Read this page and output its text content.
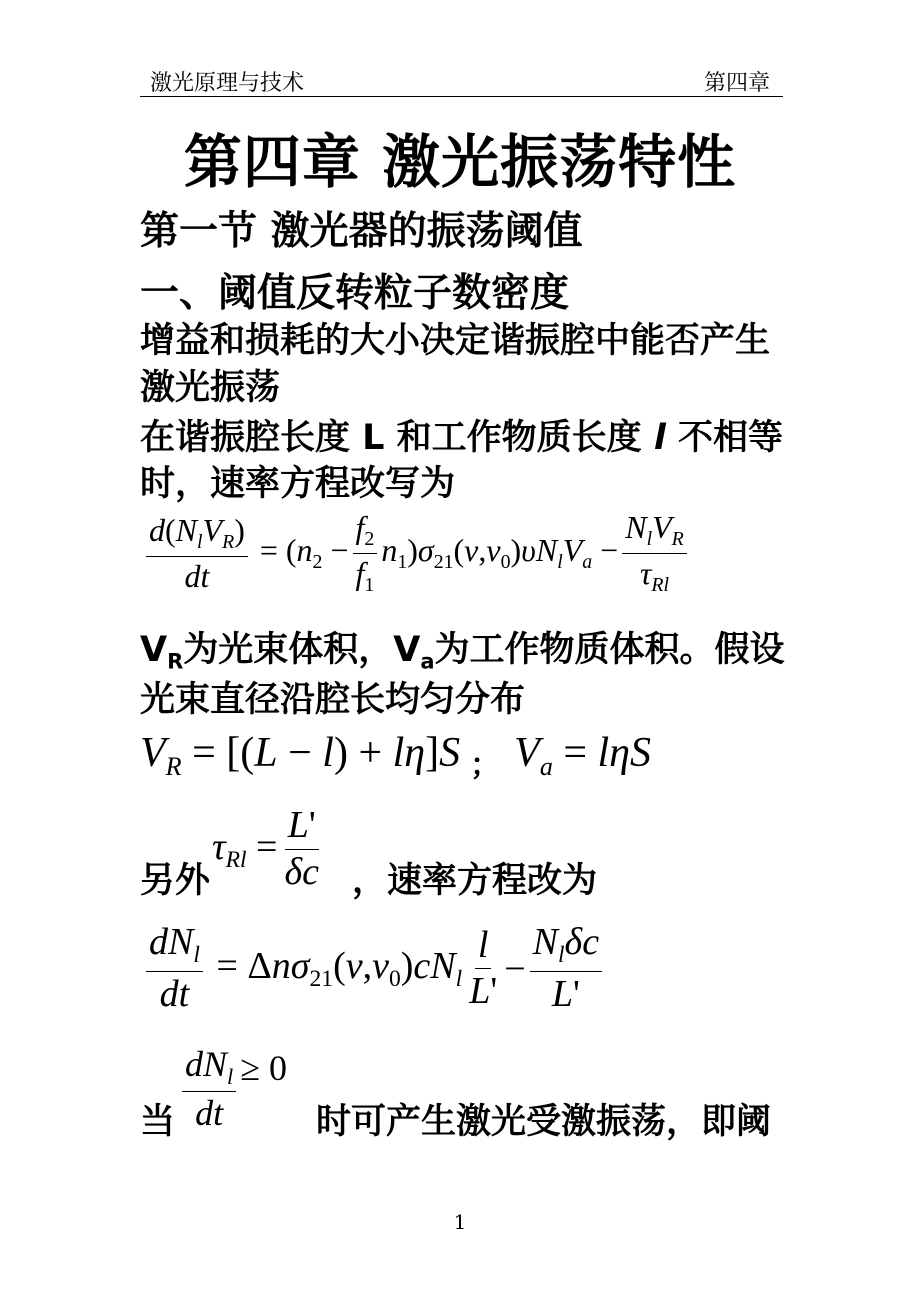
激光原理与技术	第四章
第四章 激光振荡特性
第一节 激光器的振荡阈值
一、阈值反转粒子数密度
增益和损耗的大小决定谐振腔中能否产生
激光振荡
在谐振腔长度 L 和工作物质长度 l 不相等
时，速率方程改写为
$\frac{d(N_lV_R)}{dt} = (n_2 - \frac{f_2}{f_1} n_1)\sigma_{21}(v,v_0)\upsilon N_lV_a - \frac{N_lV_R}{\tau_{Rl}}$
$V_R$为光束体积，$V_a$为工作物质体积。假设
光束直径沿腔长均匀分布
$V_R = [(L - l) + l\eta]S$ ； $V_a = l\eta S$
另外
$\tau_{Rl} = \frac{L'}{\delta c}$ ，速率方程改为
$\frac{dN_l}{dt} = \Delta n\sigma_{21}(v,v_0)cN_l \frac{l}{L'} - \frac{N_l\delta c}{L'}$
当 $\frac{dN_l}{dt} \ge 0$
时可产生激光受激振荡，即阈
1
